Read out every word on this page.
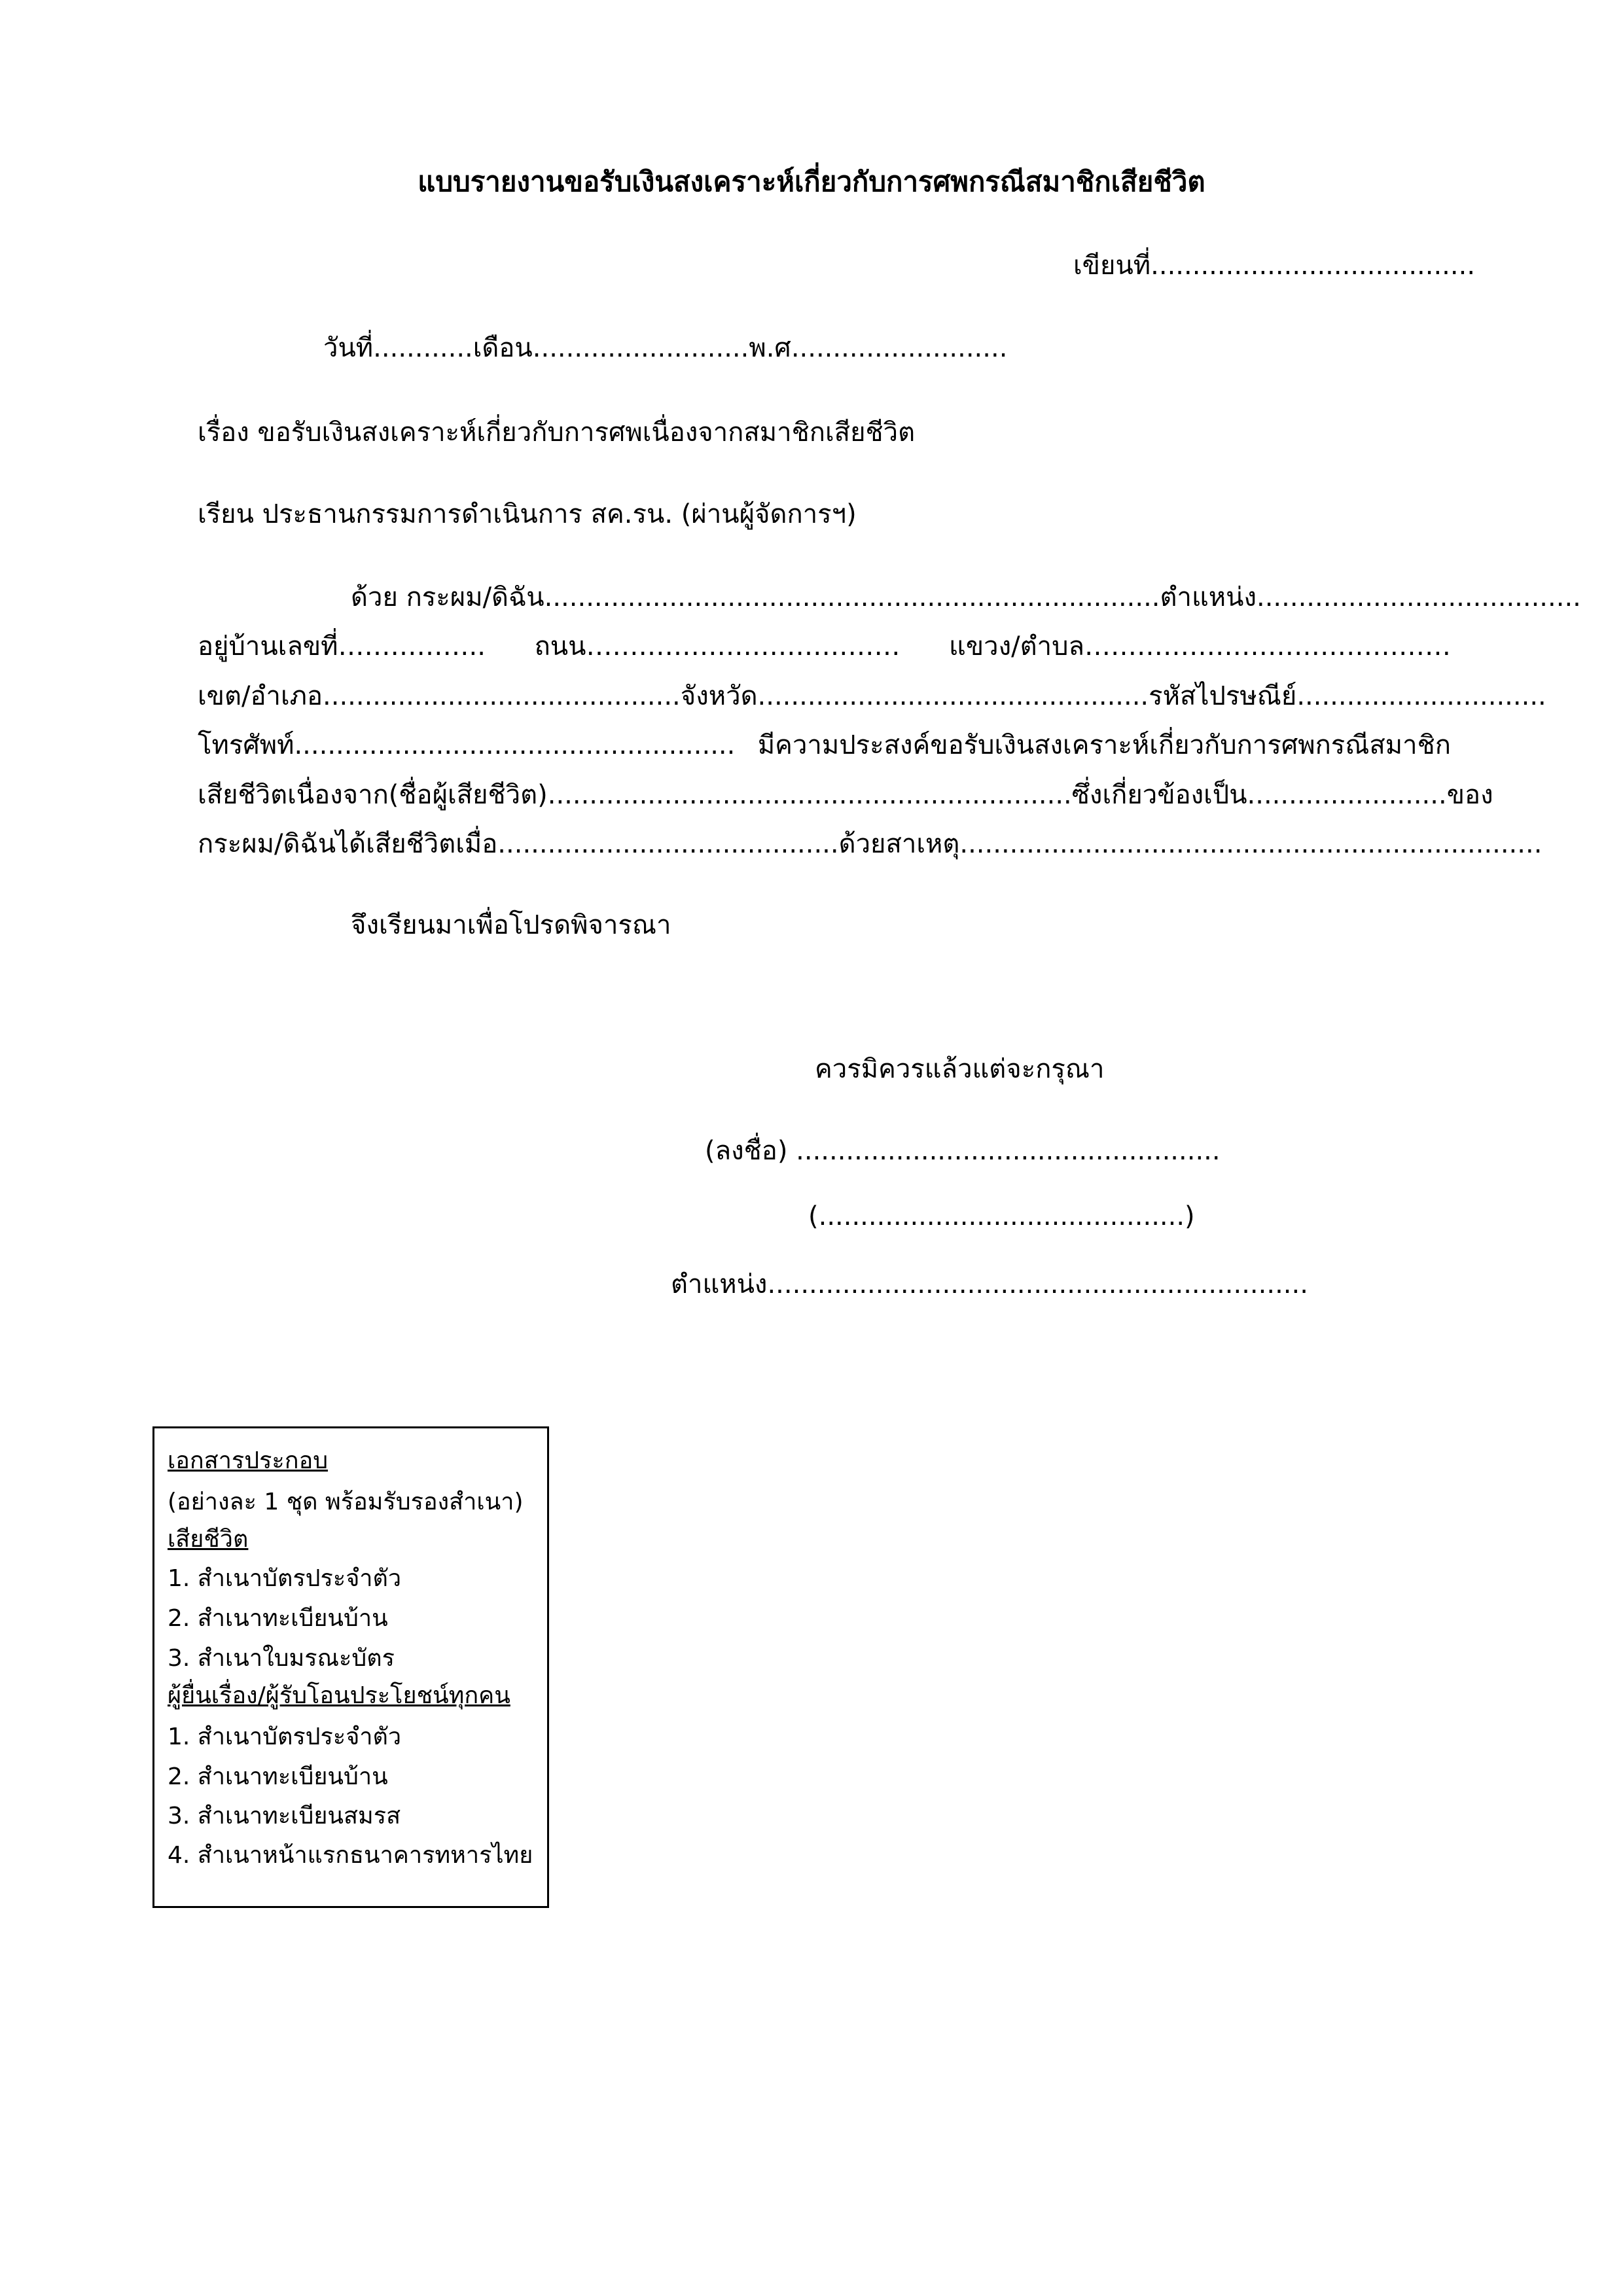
แบบรายงานขอรับเงินสงเคราะห์เกี่ยวกับการศพกรณีสมาชิกเสียชีวิต
เขียนที่.......................................
วันที่............เดือน..........................พ.ศ..........................
เรื่อง ขอรับเงินสงเคราะห์เกี่ยวกับการศพเนื่องจากสมาชิกเสียชีวิต
เรียน ประธานกรรมการดำเนินการ สค.รน. (ผ่านผู้จัดการฯ)
ด้วย กระผม/ดิฉัน.......................................................................... ตำแหน่ง.......................................
อยู่บ้านเลขที่…………….. ถนน……………………………… แขวง/ตำบล……………………………………
เขต/อำเภอ........................................... จังหวัด............................................... รหัสไปรษณีย์..............................
โทรศัพท์..................................................... มีความประสงค์ขอรับเงินสงเคราะห์เกี่ยวกับการศพกรณีสมาชิก
เสียชีวิตเนื่องจาก(ชื่อผู้เสียชีวิต)............................................................... ซึ่งเกี่ยวข้องเป็น........................ ของ
กระผม/ดิฉันได้เสียชีวิตเมื่อ.........................................ด้วยสาเหตุ......................................................................
จึงเรียนมาเพื่อโปรดพิจารณา
ควรมิควรแล้วแต่จะกรุณา
(ลงชื่อ) ...................................................
(............................................)
ตำแหน่ง.................................................................
เอกสารประกอบ
(อย่างละ 1 ชุด พร้อมรับรองสำเนา)
เสียชีวิต
1. สำเนาบัตรประจำตัว
2. สำเนาทะเบียนบ้าน
3. สำเนาใบมรณะบัตร
ผู้ยื่นเรื่อง/ผู้รับโอนประโยชน์ทุกคน
1. สำเนาบัตรประจำตัว
2. สำเนาทะเบียนบ้าน
3. สำเนาทะเบียนสมรส
4. สำเนาหน้าแรกธนาคารทหารไทย
